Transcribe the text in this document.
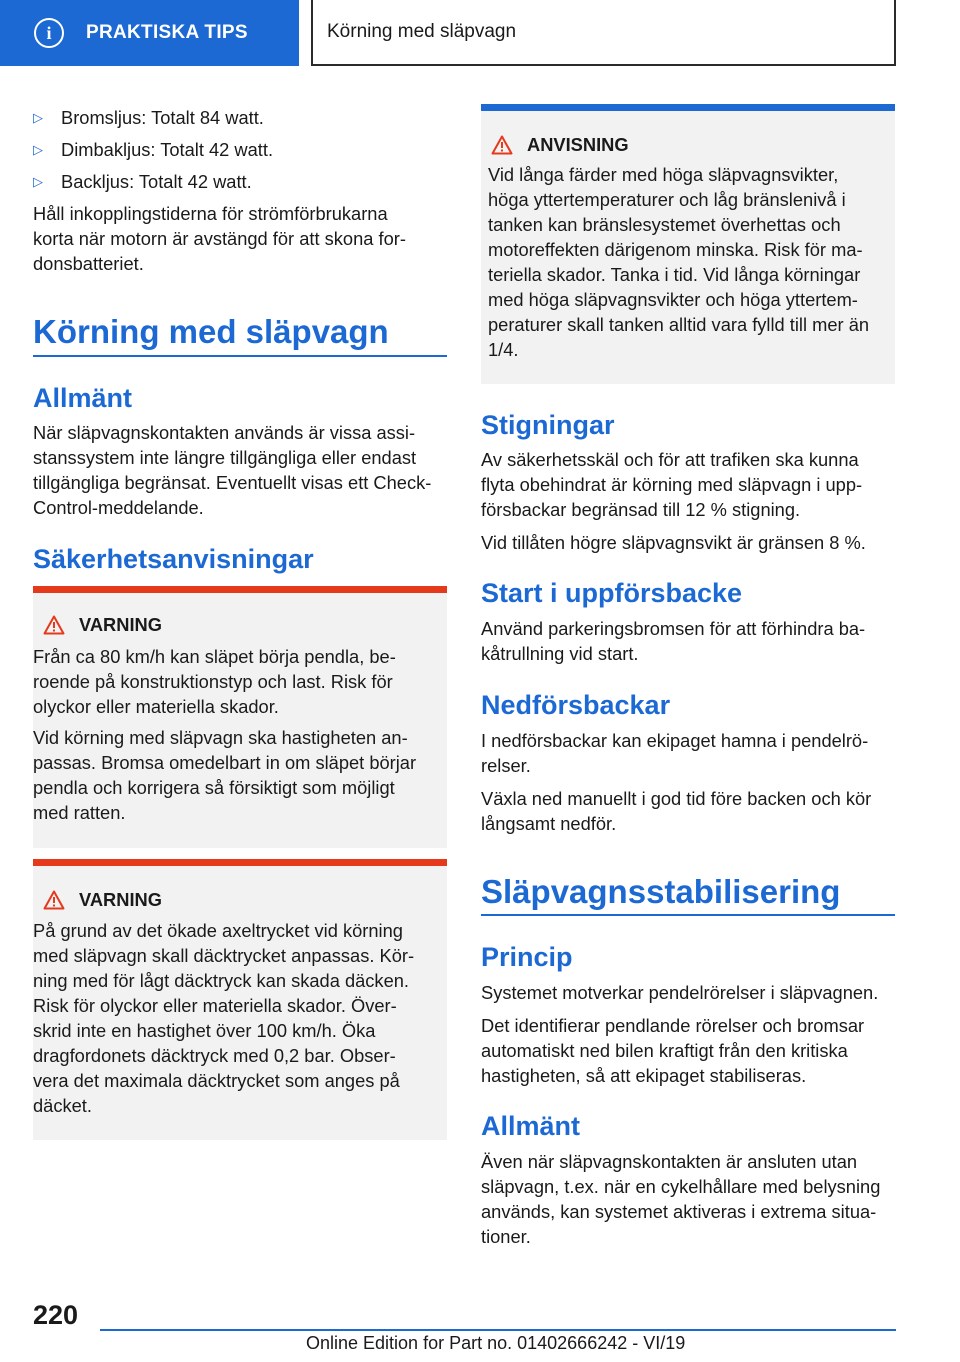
i	PRAKTISKA TIPS	Körning med släpvagn
▷ Bromsljus: Totalt 84 watt.
▷ Dimbakljus: Totalt 42 watt.
▷ Backljus: Totalt 42 watt.
Håll inkopplingstiderna för strömförbrukarna
korta när motorn är avstängd för att skona for-
donsbatteriet.
Körning med släpvagn
Allmänt
När släpvagnskontakten används är vissa assi-
stanssystem inte längre tillgängliga eller endast
tillgängliga begränsat. Eventuellt visas ett Check-
Control-meddelande.
Säkerhetsanvisningar
VARNING
Från ca 80 km/h kan släpet börja pendla, be-
roende på konstruktionstyp och last. Risk för
olyckor eller materiella skador.
Vid körning med släpvagn ska hastigheten an-
passas. Bromsa omedelbart in om släpet börjar
pendla och korrigera så försiktigt som möjligt
med ratten.
VARNING
På grund av det ökade axeltrycket vid körning
med släpvagn skall däcktrycket anpassas. Kör-
ning med för lågt däcktryck kan skada däcken.
Risk för olyckor eller materiella skador. Över-
skrid inte en hastighet över 100 km/h. Öka
dragfordonets däcktryck med 0,2 bar. Obser-
vera det maximala däcktrycket som anges på
däcket.
ANVISNING
Vid långa färder med höga släpvagnsvikter,
höga yttertemperaturer och låg bränslenivå i
tanken kan bränslesystemet överhettas och
motoreffekten därigenom minska. Risk för ma-
teriella skador. Tanka i tid. Vid långa körningar
med höga släpvagnsvikter och höga yttertem-
peraturer skall tanken alltid vara fylld till mer än
1/4.
Stigningar
Av säkerhetsskäl och för att trafiken ska kunna
flyta obehindrat är körning med släpvagn i upp-
försbackar begränsad till 12 % stigning.
Vid tillåten högre släpvagnsvikt är gränsen 8 %.
Start i uppförsbacke
Använd parkeringsbromsen för att förhindra ba-
kåtrullning vid start.
Nedförsbackar
I nedförsbackar kan ekipaget hamna i pendelrö-
relser.
Växla ned manuellt i god tid före backen och kör
långsamt nedför.
Släpvagnsstabilisering
Princip
Systemet motverkar pendelrörelser i släpvagnen.
Det identifierar pendlande rörelser och bromsar
automatiskt ned bilen kraftigt från den kritiska
hastigheten, så att ekipaget stabiliseras.
Allmänt
Även när släpvagnskontakten är ansluten utan
släpvagn, t.ex. när en cykelhållare med belysning
används, kan systemet aktiveras i extrema situa-
tioner.
220
Online Edition for Part no. 01402666242 - VI/19
